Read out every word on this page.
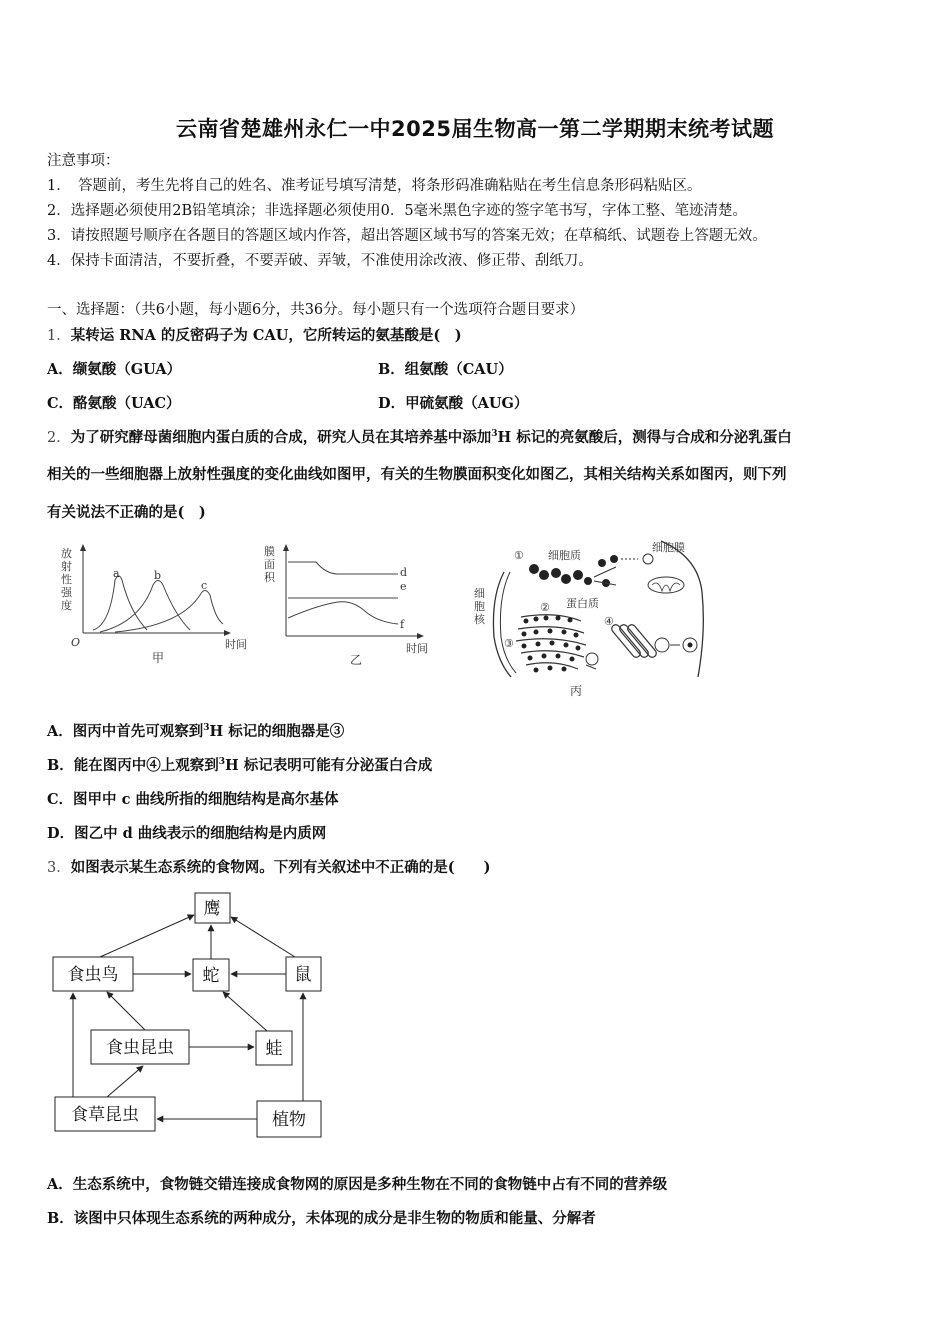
云南省楚雄州永仁一中2025届生物高一第二学期期末统考试题
注意事项：
1．　答题前，考生先将自己的姓名、准考证号填写清楚，将条形码准确粘贴在考生信息条形码粘贴区。
2．选择题必须使用2B铅笔填涂；非选择题必须使用0．5毫米黑色字迹的签字笔书写，字体工整、笔迹清楚。
3．请按照题号顺序在各题目的答题区域内作答，超出答题区域书写的答案无效；在草稿纸、试题卷上答题无效。
4．保持卡面清洁，不要折叠，不要弄破、弄皱，不准使用涂改液、修正带、刮纸刀。
一、选择题：（共6小题，每小题6分，共36分。每小题只有一个选项符合题目要求）
1．某转运 RNA 的反密码子为 CAU，它所转运的氨基酸是(　)
A．缬氨酸（GUA）	B．组氨酸（CAU）
C．酪氨酸（UAC）	D．甲硫氨酸（AUG）
2．为了研究酵母菌细胞内蛋白质的合成，研究人员在其培养基中添加$^3$H 标记的亮氨酸后，测得与合成和分泌乳蛋白
相关的一些细胞器上放射性强度的变化曲线如图甲，有关的生物膜面积变化如图乙，其相关结构关系如图丙，则下列
有关说法不正确的是(　)
放
射
性
强
度
O	时间
a	b
c
甲
膜
面
积
时间
d
e
f
乙
细
胞
核
① 细胞质
细胞膜
② 蛋白质
③
④
丙
A．图丙中首先可观察到$^3$H 标记的细胞器是③
B．能在图丙中④上观察到$^3$H 标记表明可能有分泌蛋白合成
C．图甲中 c 曲线所指的细胞结构是高尔基体
D．图乙中 d 曲线表示的细胞结构是内质网
3．如图表示某生态系统的食物网。下列有关叙述中不正确的是(　　)
鹰
食虫鸟	蛇	鼠
食虫昆虫	蛙
食草昆虫	植物
A．生态系统中，食物链交错连接成食物网的原因是多种生物在不同的食物链中占有不同的营养级
B．该图中只体现生态系统的两种成分，未体现的成分是非生物的物质和能量、分解者
